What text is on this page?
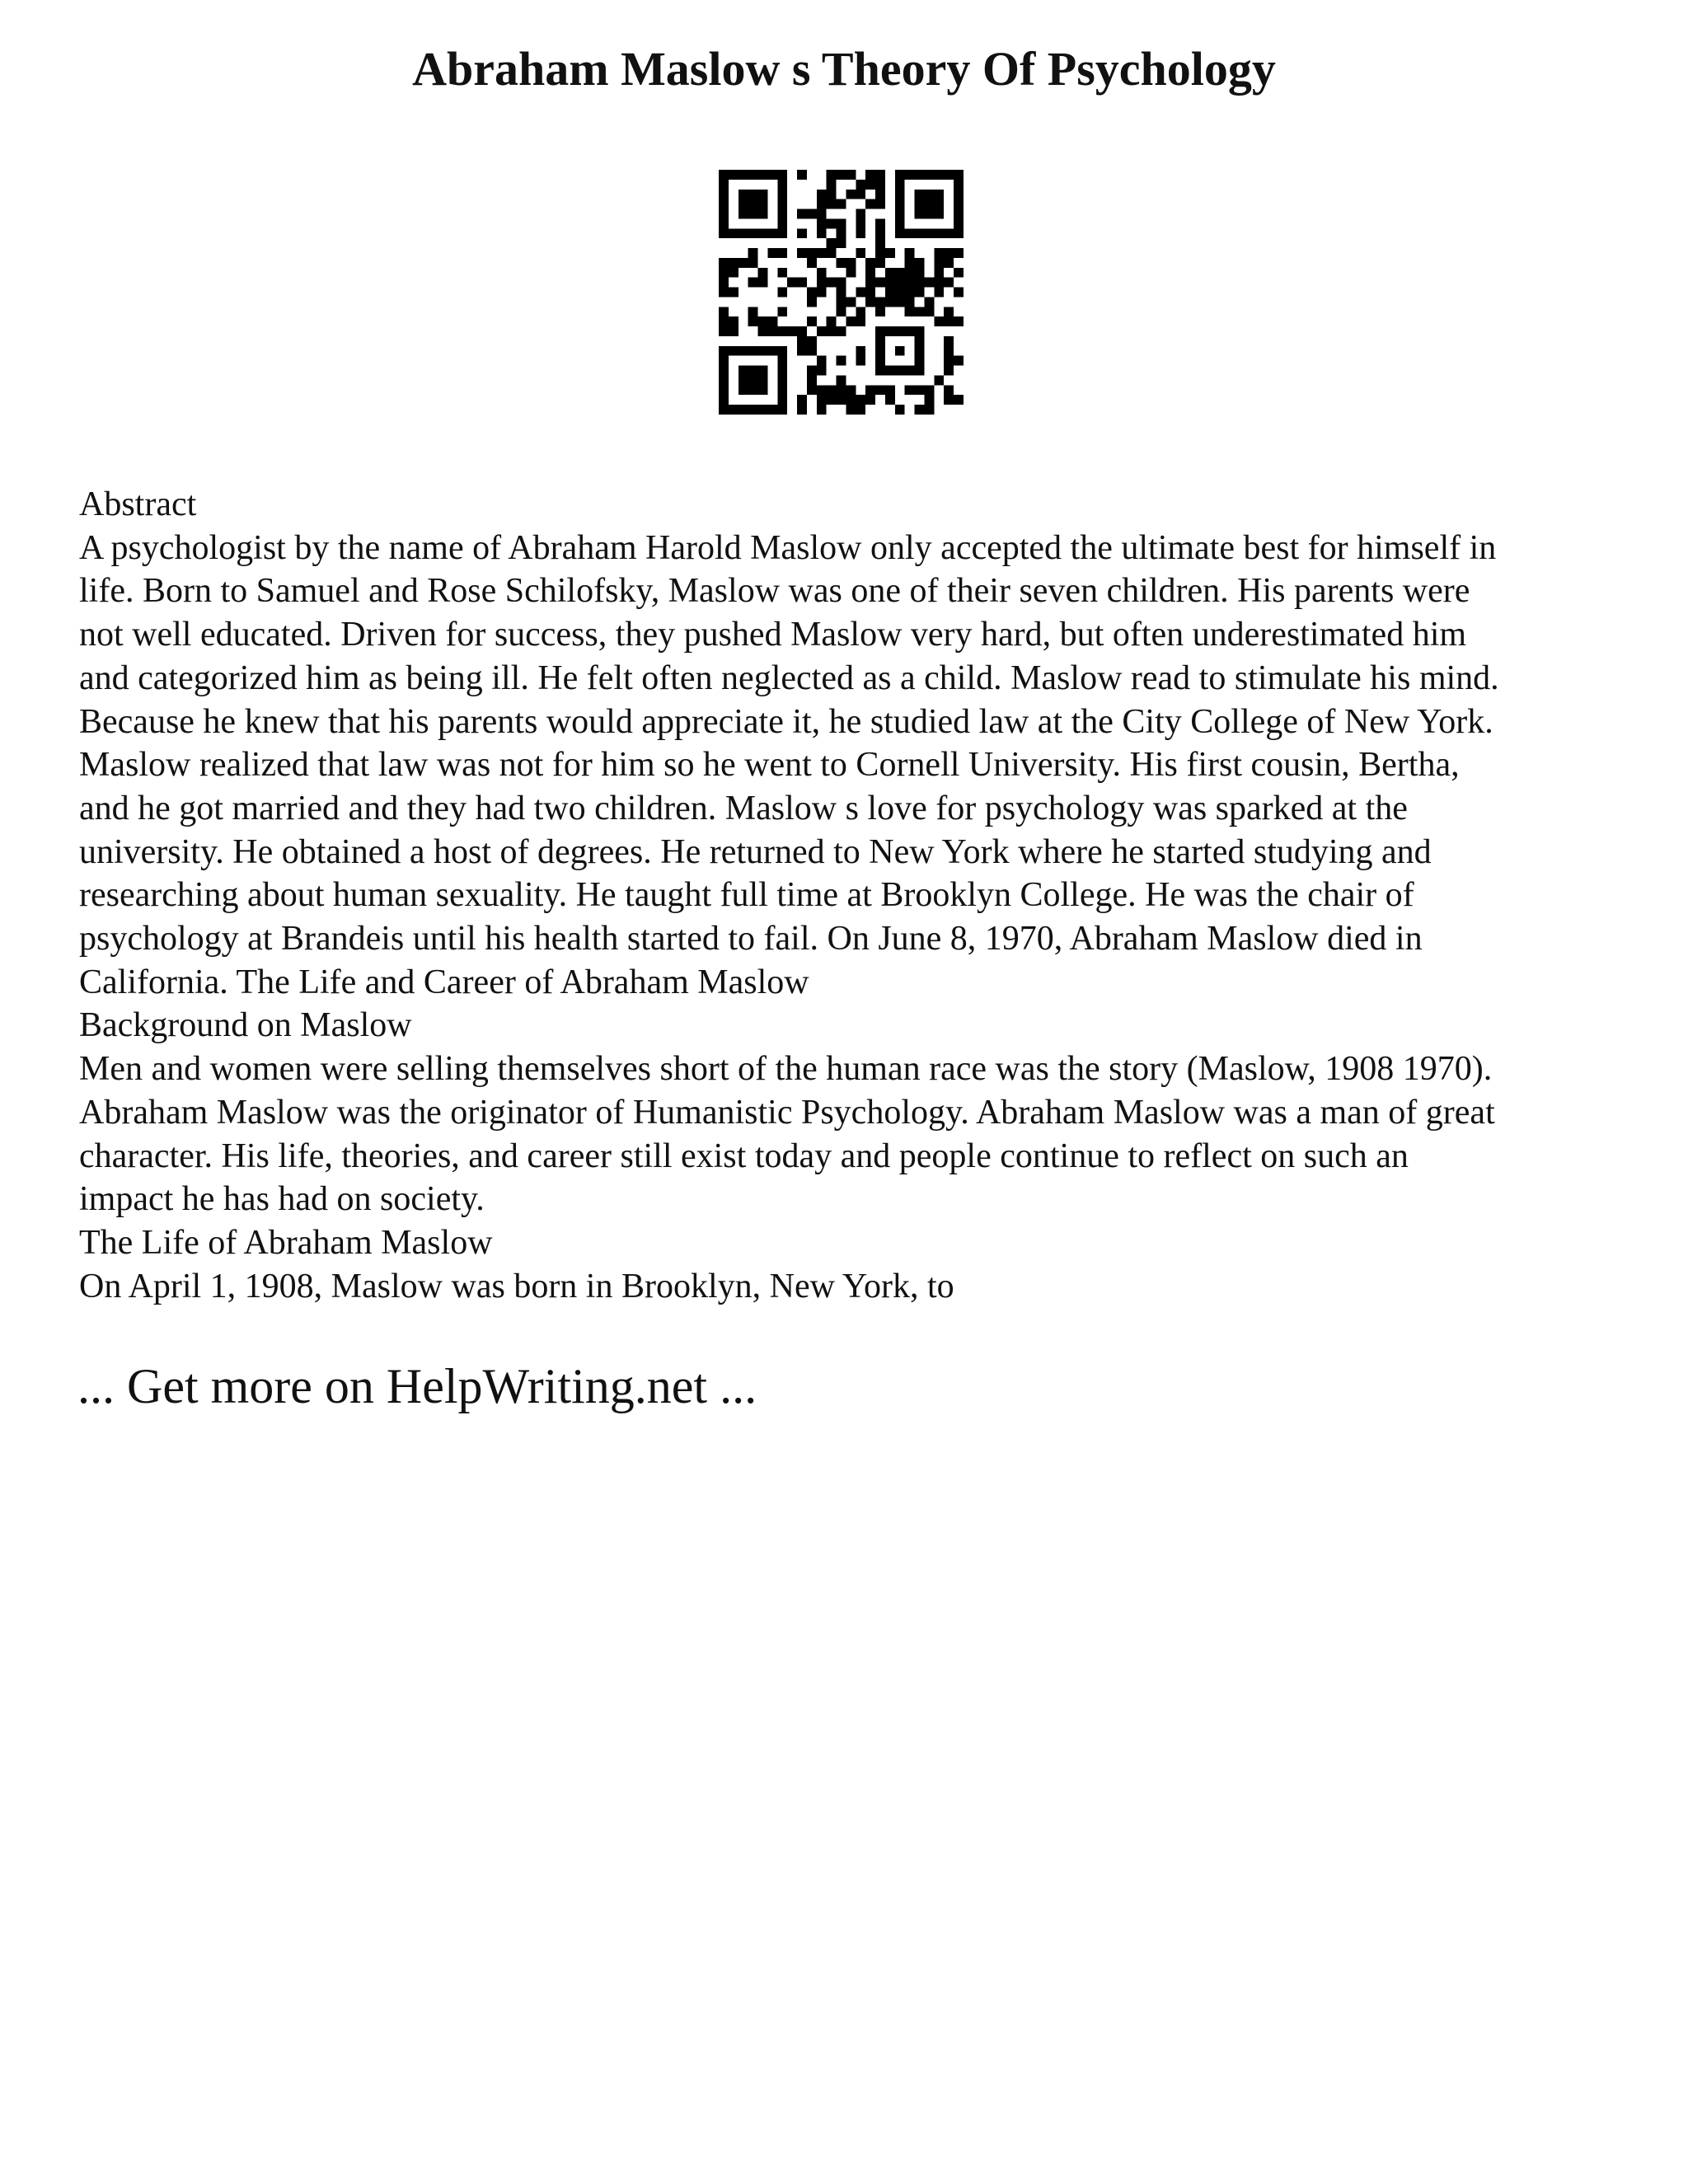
Abraham Maslow s Theory Of Psychology
Abstract
A psychologist by the name of Abraham Harold Maslow only accepted the ultimate best for himself in
life. Born to Samuel and Rose Schilofsky, Maslow was one of their seven children. His parents were
not well educated. Driven for success, they pushed Maslow very hard, but often underestimated him
and categorized him as being ill. He felt often neglected as a child. Maslow read to stimulate his mind.
Because he knew that his parents would appreciate it, he studied law at the City College of New York.
Maslow realized that law was not for him so he went to Cornell University. His first cousin, Bertha,
and he got married and they had two children. Maslow s love for psychology was sparked at the
university. He obtained a host of degrees. He returned to New York where he started studying and
researching about human sexuality. He taught full time at Brooklyn College. He was the chair of
psychology at Brandeis until his health started to fail. On June 8, 1970, Abraham Maslow died in
California. The Life and Career of Abraham Maslow
Background on Maslow
Men and women were selling themselves short of the human race was the story (Maslow, 1908 1970).
Abraham Maslow was the originator of Humanistic Psychology. Abraham Maslow was a man of great
character. His life, theories, and career still exist today and people continue to reflect on such an
impact he has had on society.
The Life of Abraham Maslow
On April 1, 1908, Maslow was born in Brooklyn, New York, to
... Get more on HelpWriting.net ...
